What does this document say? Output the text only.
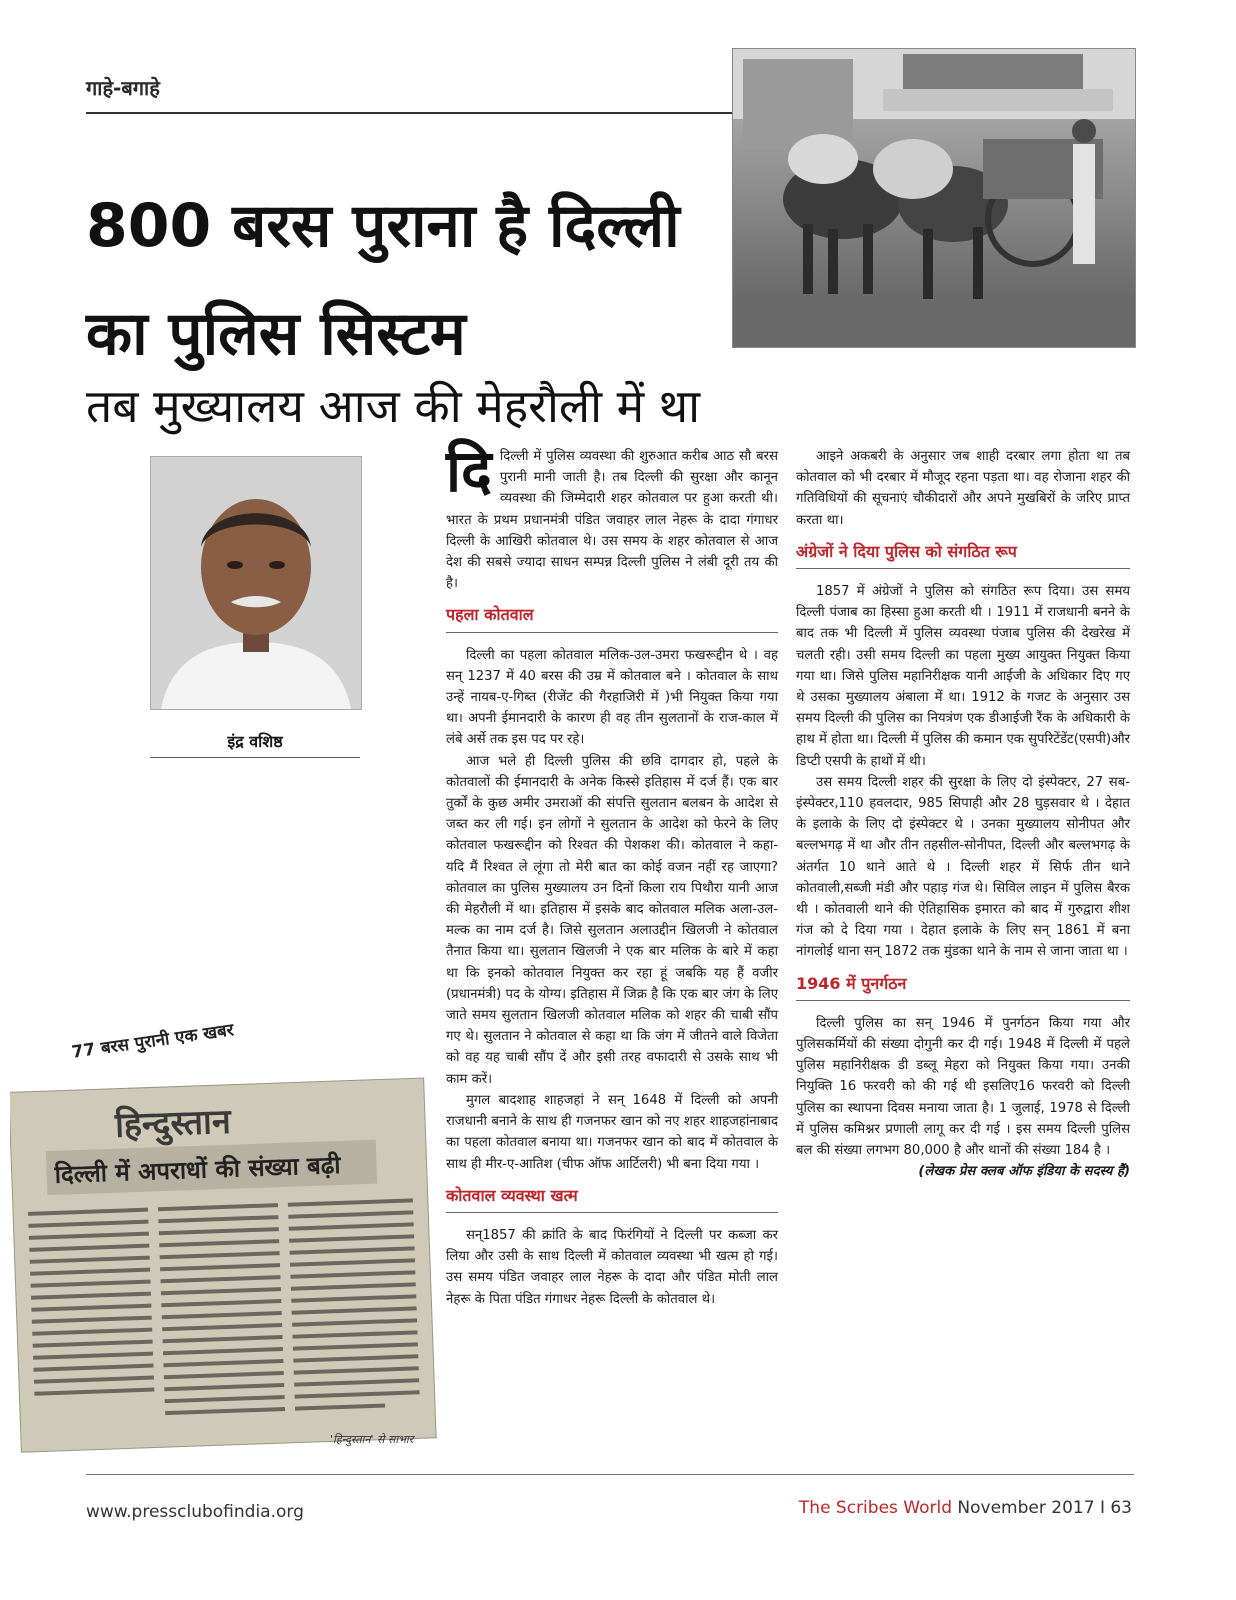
गाहे-बगाहे
800 बरस पुराना है दिल्ली
का पुलिस सिस्टम
तब मुख्यालय आज की मेहरौली में था
इंद्र वशिष्ठ
77 बरस पुरानी एक खबर
हिन्दुस्तान
दिल्ली में अपराधों की संख्या बढ़ी
'हिन्दुस्तान' से साभार

दिदिल्ली में पुलिस व्यवस्था की शुरुआत करीब आठ सौ बरस पुरानी मानी जाती है। तब दिल्ली की सुरक्षा और कानून व्यवस्था की जिम्मेदारी शहर कोतवाल पर हुआ करती थी। भारत के प्रथम प्रधानमंत्री पंडित जवाहर लाल नेहरू के दादा गंगाधर दिल्ली के आखिरी कोतवाल थे। उस समय के शहर कोतवाल से आज देश की सबसे ज्यादा साधन सम्पन्न दिल्ली पुलिस ने लंबी दूरी तय की है।

पहला कोतवाल

दिल्ली का पहला कोतवाल मलिक-उल-उमरा फखरूद्दीन थे । वह सन् 1237 में 40 बरस की उम्र में कोतवाल बने । कोतवाल के साथ उन्हें नायब-ए-गिब्त (रीजेंट की गैरहाजिरी में )भी नियुक्त किया गया था। अपनी ईमानदारी के कारण ही वह तीन सुलतानों के राज-काल में लंबे अर्से तक इस पद पर रहे।

आज भले ही दिल्ली पुलिस की छवि दागदार हो, पहले के कोतवालों की ईमानदारी के अनेक किस्से इतिहास में दर्ज हैं। एक बार तुर्कों के कुछ अमीर उमराओं की संपत्ति सुलतान बलबन के आदेश से जब्त कर ली गई। इन लोगों ने सुलतान के आदेश को फेरने के लिए कोतवाल फखरूद्दीन को रिश्वत की पेशकश की। कोतवाल ने कहा- यदि मैं रिश्वत ले लूंगा तो मेरी बात का कोई वजन नहीं रह जाएगा? कोतवाल का पुलिस मुख्यालय उन दिनों किला राय पिथौरा यानी आज की मेहरौली में था। इतिहास में इसके बाद कोतवाल मलिक अला-उल-मल्क का नाम दर्ज है। जिसे सुलतान अलाउद्दीन खिलजी ने कोतवाल तैनात किया था। सुलतान खिलजी ने एक बार मलिक के बारे में कहा था कि इनको कोतवाल नियुक्त कर रहा हूं जबकि यह हैं वजीर (प्रधानमंत्री) पद के योग्य। इतिहास में जिक्र है कि एक बार जंग के लिए जाते समय सुलतान खिलजी कोतवाल मलिक को शहर की चाबी सौंप गए थे। सुलतान ने कोतवाल से कहा था कि जंग में जीतने वाले विजेता को वह यह चाबी सौंप दें और इसी तरह वफादारी से उसके साथ भी काम करें।

मुगल बादशाह शाहजहां ने सन् 1648 में दिल्ली को अपनी राजधानी बनाने के साथ ही गजनफर खान को नए शहर शाहजहांनाबाद का पहला कोतवाल बनाया था। गजनफर खान को बाद में कोतवाल के साथ ही मीर-ए-आतिश (चीफ ऑफ आर्टिलरी) भी बना दिया गया ।

कोतवाल व्यवस्था खत्म

सन्1857 की क्रांति के बाद फिरंगियों ने दिल्ली पर कब्जा कर लिया और उसी के साथ दिल्ली में कोतवाल व्यवस्था भी खत्म हो गई। उस समय पंडित जवाहर लाल नेहरू के दादा और पंडित मोती लाल नेहरू के पिता पंडित गंगाधर नेहरू दिल्ली के कोतवाल थे।

आइने अकबरी के अनुसार जब शाही दरबार लगा होता था तब कोतवाल को भी दरबार में मौजूद रहना पड़ता था। वह रोजाना शहर की गतिविधियों की सूचनाएं चौकीदारों और अपने मुखबिरों के जरिए प्राप्त करता था।

अंग्रेजों ने दिया पुलिस को संगठित रूप

1857 में अंग्रेजों ने पुलिस को संगठित रूप दिया। उस समय दिल्ली पंजाब का हिस्सा हुआ करती थी । 1911 में राजधानी बनने के बाद तक भी दिल्ली में पुलिस व्यवस्था पंजाब पुलिस की देखरेख में चलती रही। उसी समय दिल्ली का पहला मुख्य आयुक्त नियुक्त किया गया था। जिसे पुलिस महानिरीक्षक यानी आईजी के अधिकार दिए गए थे उसका मुख्यालय अंबाला में था। 1912 के गजट के अनुसार उस समय दिल्ली की पुलिस का नियत्रंण एक डीआईजी रैंक के अधिकारी के हाथ में होता था। दिल्ली में पुलिस की कमान एक सुपरिटेंडेंट(एसपी)और डिप्टी एसपी के हाथों में थी।

उस समय दिल्ली शहर की सुरक्षा के लिए दो इंस्पेक्टर, 27 सब-इंस्पेक्टर,110 हवलदार, 985 सिपाही और 28 घुड़सवार थे । देहात के इलाके के लिए दो इंस्पेक्टर थे । उनका मुख्यालय सोनीपत और बल्लभगढ़ में था और तीन तहसील-सोनीपत, दिल्ली और बल्लभगढ़ के अंतर्गत 10 थाने आते थे । दिल्ली शहर में सिर्फ तीन थाने कोतवाली,सब्जी मंडी और पहाड़ गंज थे। सिविल लाइन में पुलिस बैरक थी । कोतवाली थाने की ऐतिहासिक इमारत को बाद में गुरुद्वारा शीश गंज को दे दिया गया । देहात इलाके के लिए सन् 1861 में बना नांगलोई थाना सन् 1872 तक मुंडका थाने के नाम से जाना जाता था ।

1946 में पुनर्गठन

दिल्ली पुलिस का सन् 1946 में पुनर्गठन किया गया और पुलिसकर्मियों की संख्या दोगुनी कर दी गई। 1948 में दिल्ली में पहले पुलिस महानिरीक्षक डी डब्लू मेहरा को नियुक्त किया गया। उनकी नियुक्ति 16 फरवरी को की गई थी इसलिए16 फरवरी को दिल्ली पुलिस का स्थापना दिवस मनाया जाता है। 1 जुलाई, 1978 से दिल्ली में पुलिस कमिश्नर प्रणाली लागू कर दी गई । इस समय दिल्ली पुलिस बल की संख्या लगभग 80,000 है और थानों की संख्या 184 है ।

(लेखक प्रेस क्लब ऑफ इंडिया के सदस्य हैं)

www.pressclubofindia.org	The Scribes World November 2017 I 63
